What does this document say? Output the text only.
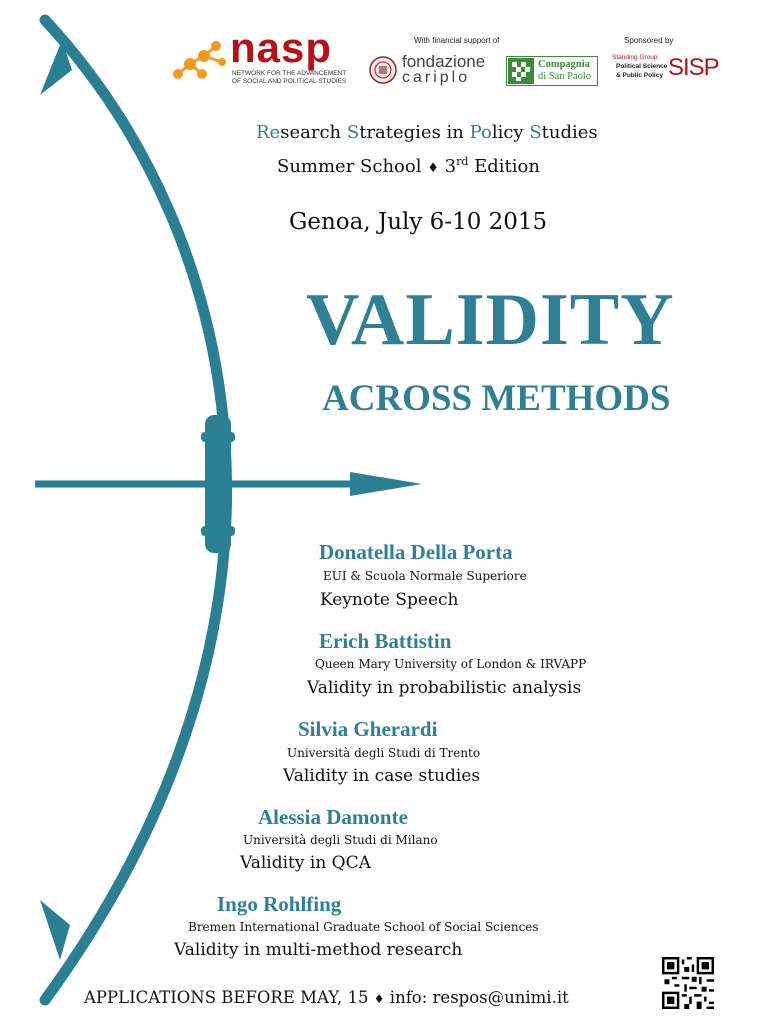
nasp
NETWORK FOR THE ADVANCEMENT
OF SOCIAL AND POLITICAL STUDIES
With financial support of
fondazione
cariplo
Compagnia
di San Paolo
Sponsored by
Standing Group
Political Science
& Public Policy SISP
Research Strategies in Policy Studies
Summer School ♦ 3rd Edition
Genoa, July 6-10 2015
VALIDITY
ACROSS METHODS
Donatella Della Porta
EUI & Scuola Normale Superiore
Keynote Speech
Erich Battistin
Queen Mary University of London & IRVAPP
Validity in probabilistic analysis
Silvia Gherardi
Università degli Studi di Trento
Validity in case studies
Alessia Damonte
Università degli Studi di Milano
Validity in QCA
Ingo Rohlfing
Bremen International Graduate School of Social Sciences
Validity in multi-method research
APPLICATIONS BEFORE MAY, 15 ♦ info: respos@unimi.it
